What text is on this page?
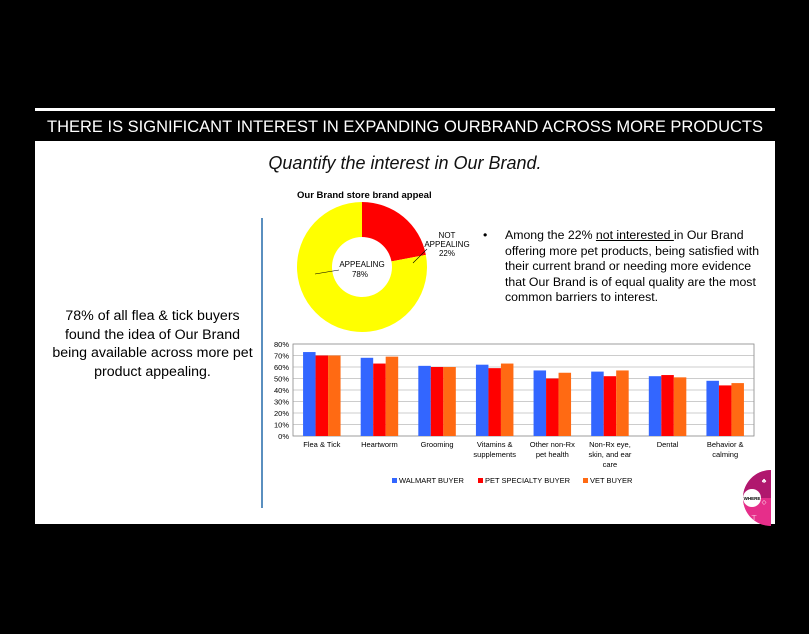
THERE IS SIGNIFICANT INTEREST IN EXPANDING OURBRAND ACROSS MORE PRODUCTS
Quantify the interest in Our Brand.
78% of all flea & tick buyers found the idea of Our Brand being available across more pet product appealing.
Our Brand store brand appeal
APPEALING
78%
NOT
APPEALING
22%
• Among the 22% not interested in Our Brand offering more pet products, being satisfied with their current brand or needing more evidence that Our Brand is of equal quality are the most common barriers to interest.
0%
10%
20%
30%
40%
50%
60%
70%
80%
Flea & Tick	Heartworm	Grooming	Vitamins &
supplements
Other non-Rx
pet health
Non-Rx eye,
skin, and ear
care
Dental	Behavior &
calming
WALMART BUYER	PET SPECIALTY BUYER	VET BUYER
WHERE
♣
◇
⊤
